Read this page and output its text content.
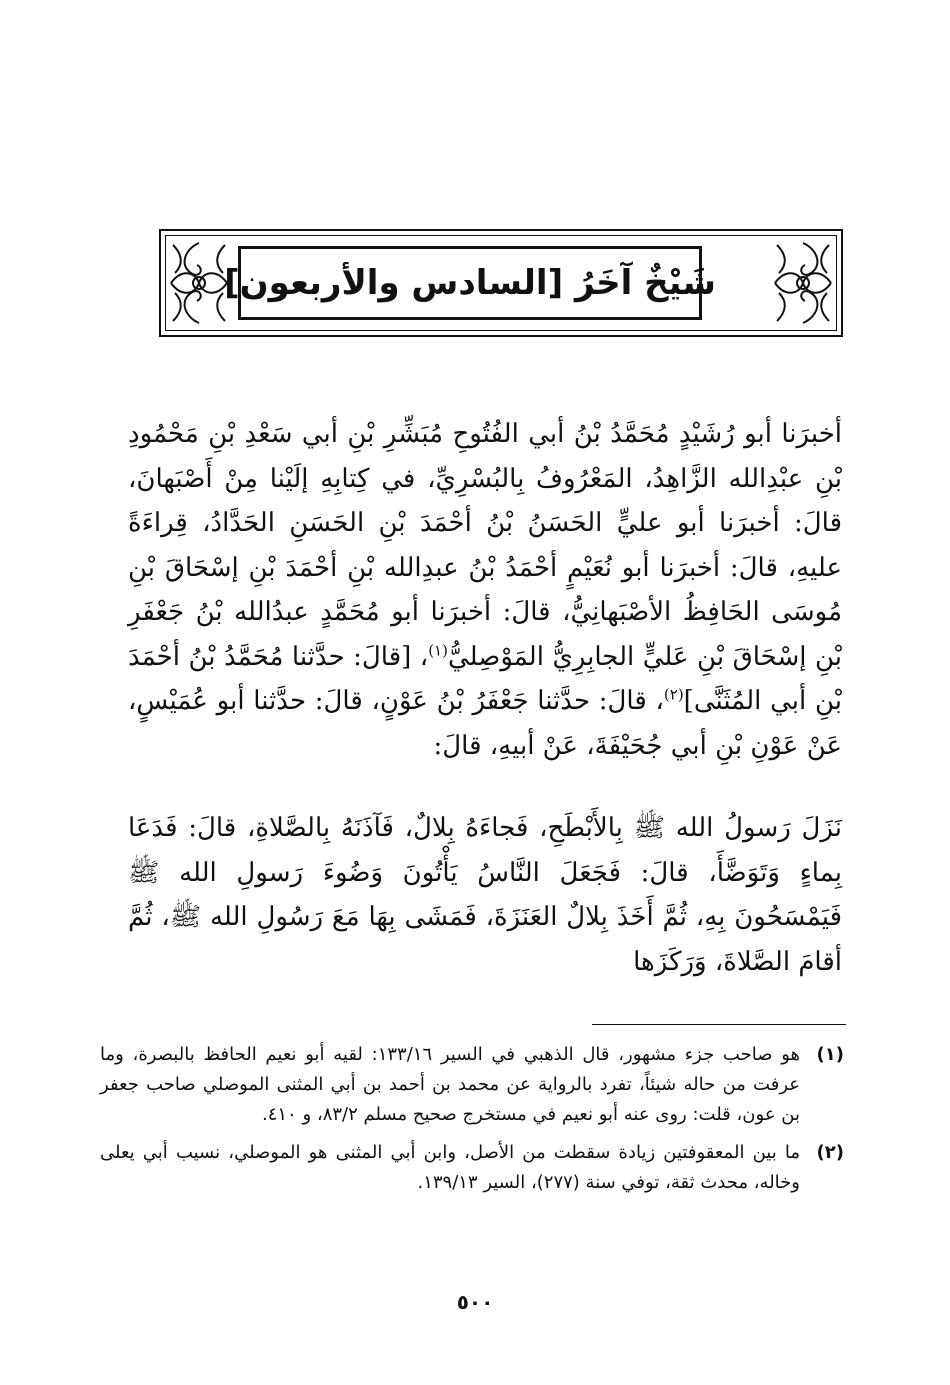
شَيْخٌ آخَرُ [السادس والأربعون]

أخبرَنا أبو رُشَيْدٍ مُحَمَّدُ بْنُ أبي الفُتُوحِ مُبَشِّرِ بْنِ أبي سَعْدِ بْنِ مَحْمُودِ بْنِ عبْدِالله الزَّاهِدُ، المَعْرُوفُ بِالبُسْرِيِّ، في كِتابِهِ إلَيْنا مِنْ أَصْبَهانَ، قالَ: أخبرَنا أبو عليٍّ الحَسَنُ بْنُ أحْمَدَ بْنِ الحَسَنِ الحَدَّادُ، قِراءَةً عليهِ، قالَ: أخبرَنا أبو نُعَيْمٍ أحْمَدُ بْنُ عبدِالله بْنِ أحْمَدَ بْنِ إسْحَاقَ بْنِ مُوسَى الحَافِظُ الأصْبَهانِيُّ، قالَ: أخبرَنا أبو مُحَمَّدٍ عبدُالله بْنُ جَعْفَرِ بْنِ إسْحَاقَ بْنِ عَليٍّ الجابِرِيُّ المَوْصِليُّ$^{(١)}$، [قالَ: حدَّثنا مُحَمَّدُ بْنُ أحْمَدَ بْنِ أبي المُثَنَّى]$^{(٢)}$، قالَ: حدَّثنا جَعْفَرُ بْنُ عَوْنٍ، قالَ: حدَّثنا أبو عُمَيْسٍ، عَنْ عَوْنِ بْنِ أبي جُحَيْفَةَ، عَنْ أبيهِ، قالَ:

نَزَلَ رَسولُ الله ﷺ بِالأَبْطَحِ، فَجاءَهُ بِلالٌ، فَآذَنَهُ بِالصَّلاةِ، قالَ: فَدَعَا بِماءٍ وَتَوَضَّأَ، قالَ: فَجَعَلَ النَّاسُ يَأْتُونَ وَضُوءَ رَسولِ الله ﷺ فَيَمْسَحُونَ بِهِ، ثُمَّ أَخَذَ بِلالٌ العَنَزَةَ، فَمَشَى بِهَا مَعَ رَسُولِ الله ﷺ، ثُمَّ أقامَ الصَّلاةَ، وَرَكَزَها

(١)
هو صاحب جزء مشهور، قال الذهبي في السير ١٣٣/١٦: لقيه أبو نعيم الحافظ بالبصرة، وما عرفت من حاله شيئاً، تفرد بالرواية عن محمد بن أحمد بن أبي المثنى الموصلي صاحب جعفر بن عون، قلت: روى عنه أبو نعيم في مستخرج صحيح مسلم ٨٣/٢، و ٤١٠.
(٢)
ما بين المعقوفتين زيادة سقطت من الأصل، وابن أبي المثنى هو الموصلي، نسيب أبي يعلى وخاله، محدث ثقة، توفي سنة (٢٧٧)، السير ١٣٩/١٣.
٥٠٠
